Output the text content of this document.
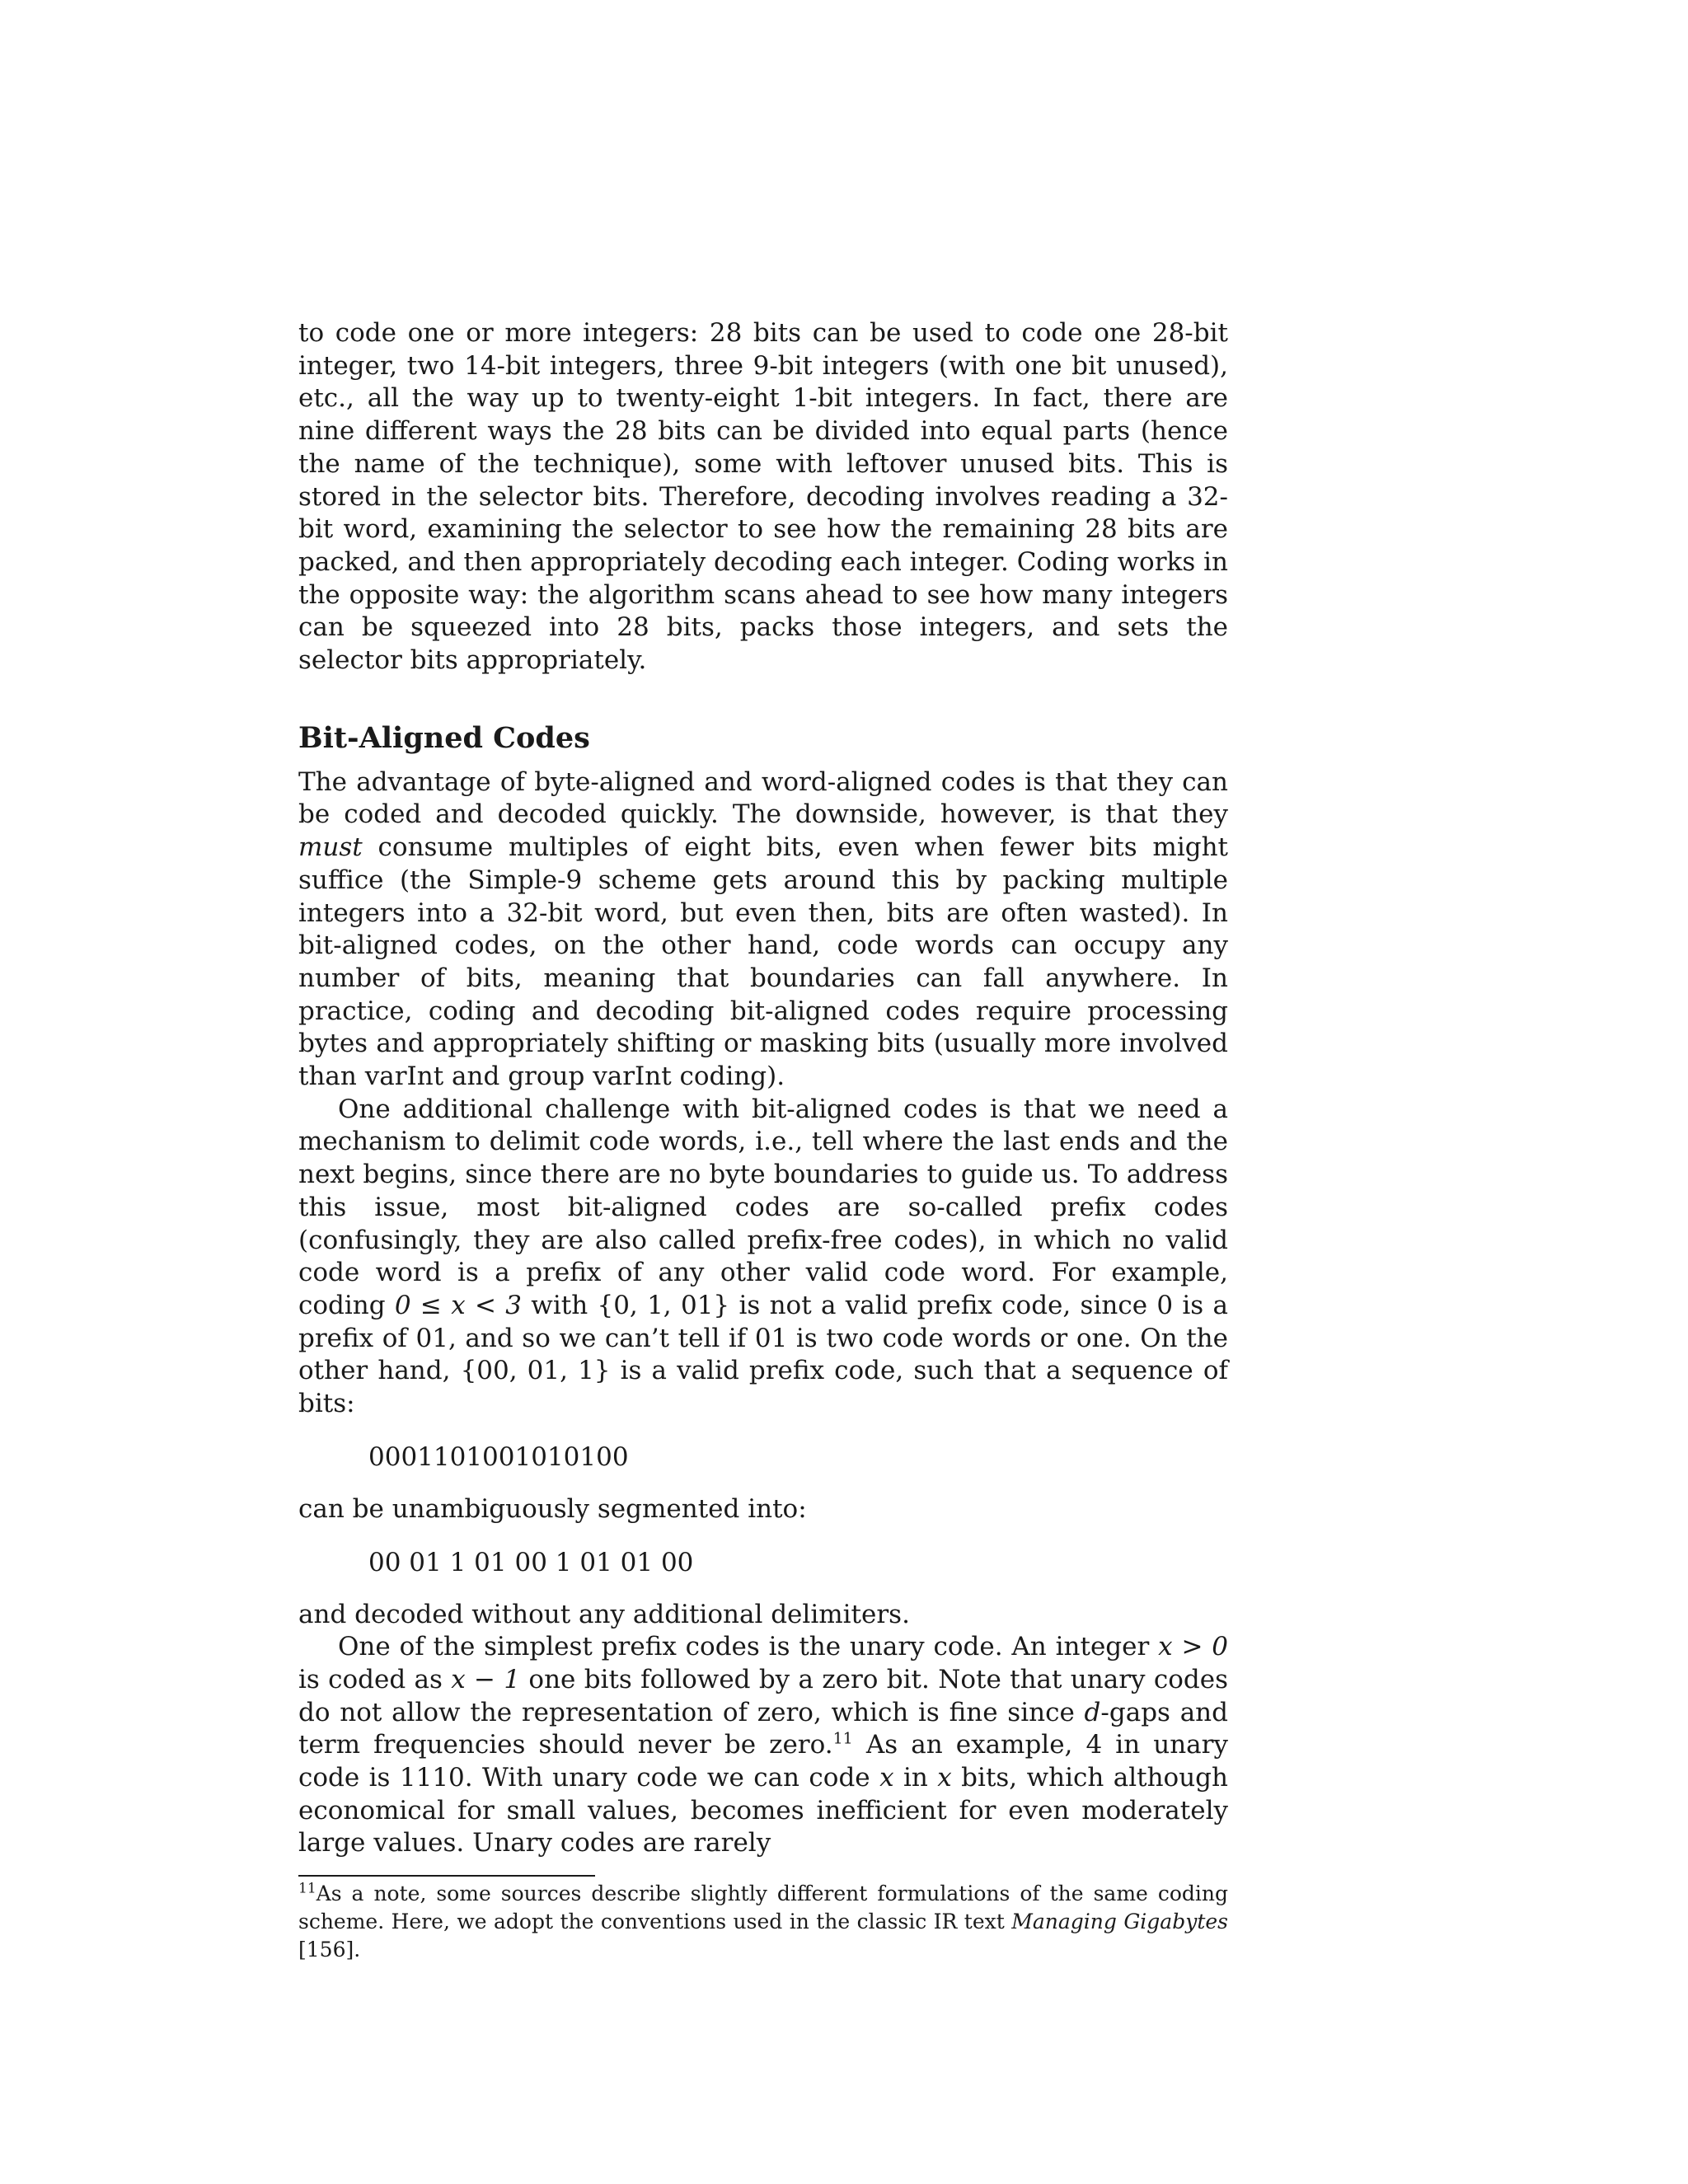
to code one or more integers: 28 bits can be used to code one 28-bit integer, two 14-bit integers, three 9-bit integers (with one bit unused), etc., all the way up to twenty-eight 1-bit integers. In fact, there are nine different ways the 28 bits can be divided into equal parts (hence the name of the technique), some with leftover unused bits. This is stored in the selector bits. Therefore, decoding involves reading a 32-bit word, examining the selector to see how the remaining 28 bits are packed, and then appropriately decoding each integer. Coding works in the opposite way: the algorithm scans ahead to see how many integers can be squeezed into 28 bits, packs those integers, and sets the selector bits appropriately.

Bit-Aligned Codes

The advantage of byte-aligned and word-aligned codes is that they can be coded and decoded quickly. The downside, however, is that they must consume multiples of eight bits, even when fewer bits might suffice (the Simple-9 scheme gets around this by packing multiple integers into a 32-bit word, but even then, bits are often wasted). In bit-aligned codes, on the other hand, code words can occupy any number of bits, meaning that boundaries can fall anywhere. In practice, coding and decoding bit-aligned codes require processing bytes and appropriately shifting or masking bits (usually more involved than varInt and group varInt coding).

One additional challenge with bit-aligned codes is that we need a mechanism to delimit code words, i.e., tell where the last ends and the next begins, since there are no byte boundaries to guide us. To address this issue, most bit-aligned codes are so-called prefix codes (confusingly, they are also called prefix-free codes), in which no valid code word is a prefix of any other valid code word. For example, coding 0 ≤ x < 3 with {0, 1, 01} is not a valid prefix code, since 0 is a prefix of 01, and so we can’t tell if 01 is two code words or one. On the other hand, {00, 01, 1} is a valid prefix code, such that a sequence of bits:

0001101001010100

can be unambiguously segmented into:

00 01 1 01 00 1 01 01 00

and decoded without any additional delimiters.

One of the simplest prefix codes is the unary code. An integer x > 0 is coded as x − 1 one bits followed by a zero bit. Note that unary codes do not allow the representation of zero, which is fine since d-gaps and term frequencies should never be zero.$^{11}$ As an example, 4 in unary code is 1110. With unary code we can code x in x bits, which although economical for small values, becomes inefficient for even moderately large values. Unary codes are rarely

$^{11}$As a note, some sources describe slightly different formulations of the same coding scheme. Here, we adopt the conventions used in the classic IR text Managing Gigabytes [156].
